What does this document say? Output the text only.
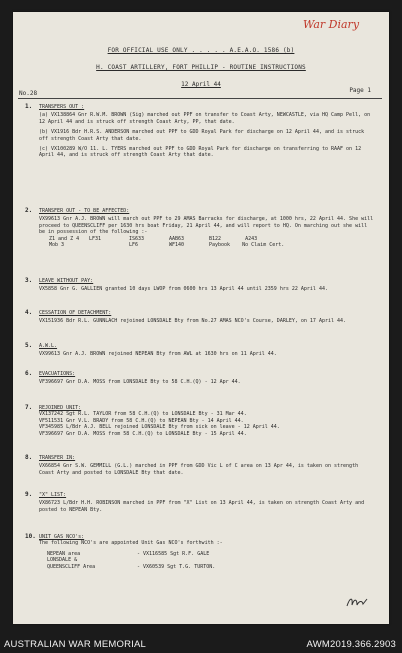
War Diary
FOR OFFICIAL USE ONLY . . . . . A.E.A.O. 1586 (b)
H. COAST ARTILLERY, FORT PHILLIP - ROUTINE INSTRUCTIONS
12 April 44
No.28	Page 1
1. TRANSFERS OUT :
(a) VX138864 Gnr R.W.M. BROWN (Sig) marched out PPF on transfer to Coast Arty, NEWCASTLE, via HQ Camp Pell, on 12 April 44 and is struck off strength Coast Arty, PP, that date.
(b) VX1916 Bdr H.R.S. ANDERSON marched out PPF to GDD Royal Park for discharge on 12 April 44, and is struck off strength Coast Arty that date.
(c) VX100289 W/O 11. L. TYERS marched out PPF to GDD Royal Park for discharge on transferring to RAAF on 12 April 44, and is struck off strength Coast Arty that date.
2. TRANSFER OUT - TO BE AFFECTED:
VX99613 Gnr A.J. BROWN will march out PPF to 29 AMAS Barracks for discharge, at 1000 hrs, 22 April 44. She will proceed to QUEENSCLIFF per 1630 hrs boat Friday, 21 April 44, and will report to HQ. On marching out she will be in possession of the following :-
Z1 and Z 4	LF31	IS633	AAB63	B122	A243
Mob 3	LF6	WF140	Paybook No Claim Cert.
3. LEAVE WITHOUT PAY:
VX5858 Gnr G. GALLIEN granted 10 days LWOP from 0600 hrs 13 April 44 until 2359 hrs 22 April 44.
4. CESSATION OF DETACHMENT:
VX151936 Bdr R.L. GUNNLACH rejoined LONSDALE Bty from No.27 AMAS NCO's Course, DARLEY, on 17 April 44.
5. A.W.L.
VX99613 Gnr A.J. BROWN rejoined NEPEAN Bty from AWL at 1630 hrs on 11 April 44.
6. EVACUATIONS:
VF396697 Gnr D.A. MOSS from LONSDALE Bty to 58 C.H.(Q) - 12 Apr 44.
7. REJOINED UNIT:
VX137242 Sgt R.L. TAYLOR from 58 C.H.(Q) to LONSDALE Bty - 31 Mar 44.
VF511531 Gnr V.L. BRADY from 58 C.H.(Q) to NEPEAN Bty - 14 April 44.
VF345985 L/Bdr A.J. BELL rejoined LONSDALE Bty from sick on leave - 12 April 44.
VF396697 Gnr D.A. MOSS from 58 C.H.(Q) to LONSDALE Bty - 15 April 44.
8. TRANSFER IN:
VX66854 Gnr S.W. GEMMILL (G.L.) marched in PPF from GDD Vic L of C area on 13 Apr 44, is taken on strength Coast Arty and posted to LONSDALE Bty that date.
9. "X" LIST:
VX86723 L/Bdr H.H. ROBINSON marched in PPF from "X" List on 13 April 44, is taken on strength Coast Arty and posted to NEPEAN Bty.
10. UNIT GAS NCO's:
The following NCO's are appointed Unit Gas NCO's forthwith :-
NEPEAN area	- VX116585 Sgt R.F. GALE
LONSDALE &
QUEENSCLIFF Area	- VX60539 Sgt T.G. TURTON.
AUSTRALIAN WAR MEMORIAL	AWM2019.366.2903
